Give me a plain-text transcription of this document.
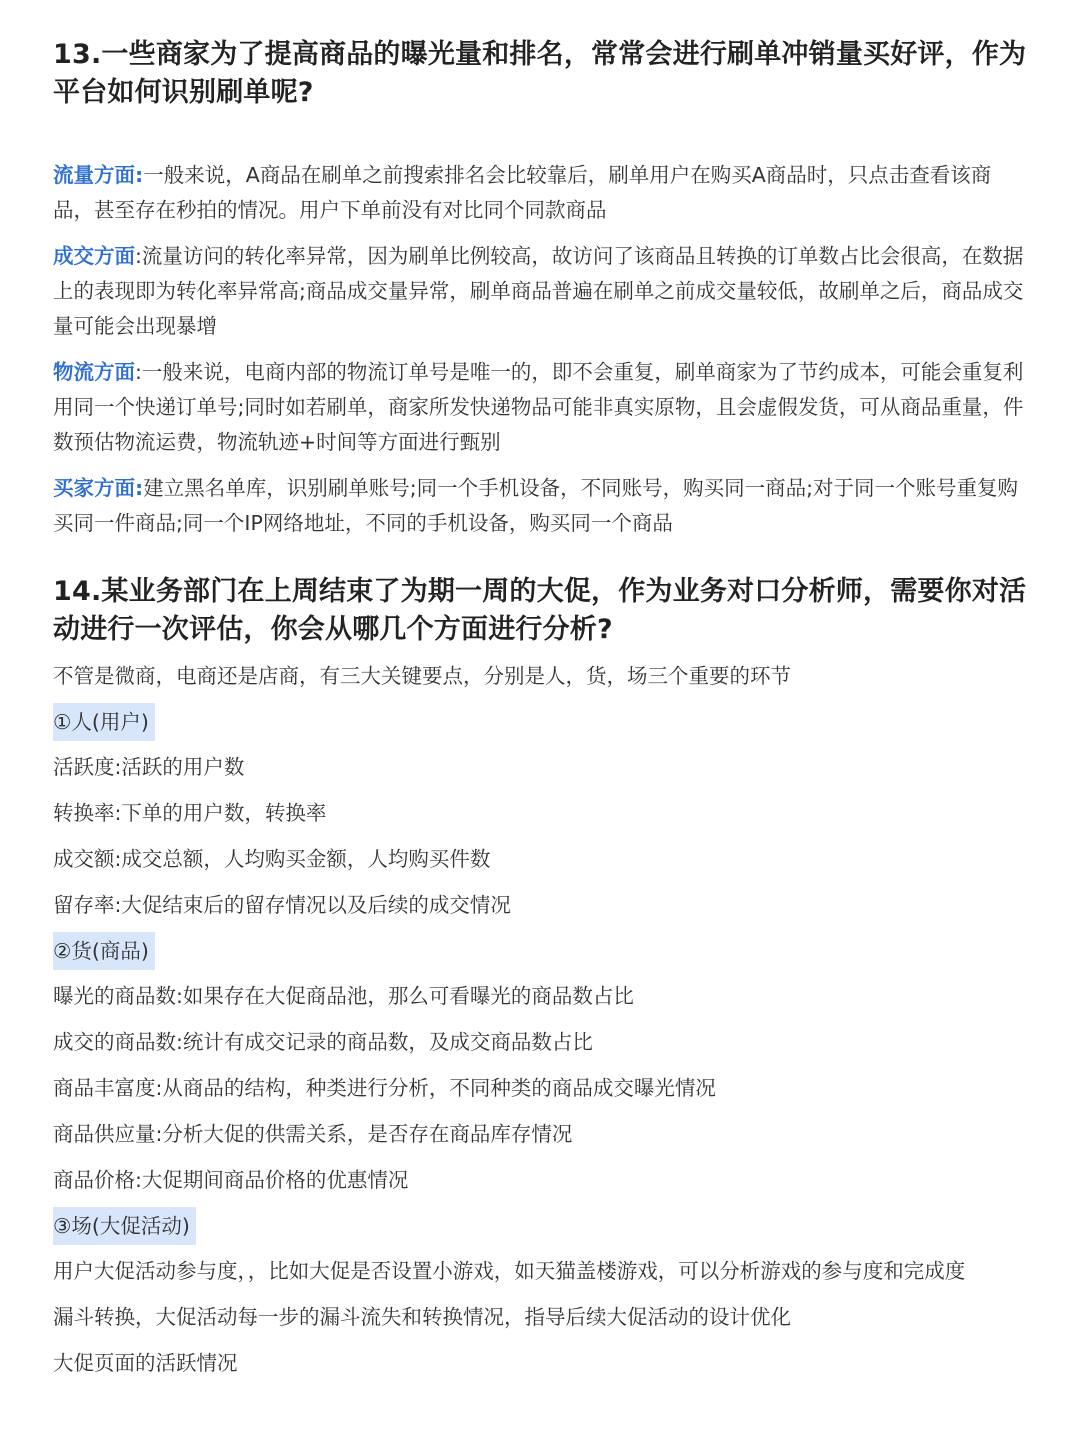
13.一些商家为了提高商品的曝光量和排名，常常会进行刷单冲销量买好评，作为平台如何识别刷单呢?

流量方面:一般来说，A商品在刷单之前搜索排名会比较靠后，刷单用户在购买A商品时，只点击查看该商品，甚至存在秒拍的情况。用户下单前没有对比同个同款商品

成交方面:流量访问的转化率异常，因为刷单比例较高，故访问了该商品且转换的订单数占比会很高，在数据上的表现即为转化率异常高;商品成交量异常，刷单商品普遍在刷单之前成交量较低，故刷单之后，商品成交量可能会出现暴增

物流方面:一般来说，电商内部的物流订单号是唯一的，即不会重复，刷单商家为了节约成本，可能会重复利用同一个快递订单号;同时如若刷单，商家所发快递物品可能非真实原物，且会虚假发货，可从商品重量，件数预估物流运费，物流轨迹+时间等方面进行甄别

买家方面:建立黑名单库，识别刷单账号;同一个手机设备，不同账号，购买同一商品;对于同一个账号重复购买同一件商品;同一个IP网络地址，不同的手机设备，购买同一个商品

14.某业务部门在上周结束了为期一周的大促，作为业务对口分析师，需要你对活动进行一次评估，你会从哪几个方面进行分析?

不管是微商，电商还是店商，有三大关键要点，分别是人，货，场三个重要的环节

①人(用户)

活跃度:活跃的用户数

转换率:下单的用户数，转换率

成交额:成交总额，人均购买金额，人均购买件数

留存率:大促结束后的留存情况以及后续的成交情况

②货(商品)

曝光的商品数:如果存在大促商品池，那么可看曝光的商品数占比

成交的商品数:统计有成交记录的商品数，及成交商品数占比

商品丰富度:从商品的结构，种类进行分析，不同种类的商品成交曝光情况

商品供应量:分析大促的供需关系，是否存在商品库存情况

商品价格:大促期间商品价格的优惠情况

③场(大促活动)

用户大促活动参与度，，比如大促是否设置小游戏，如天猫盖楼游戏，可以分析游戏的参与度和完成度

漏斗转换，大促活动每一步的漏斗流失和转换情况，指导后续大促活动的设计优化

大促页面的活跃情况
